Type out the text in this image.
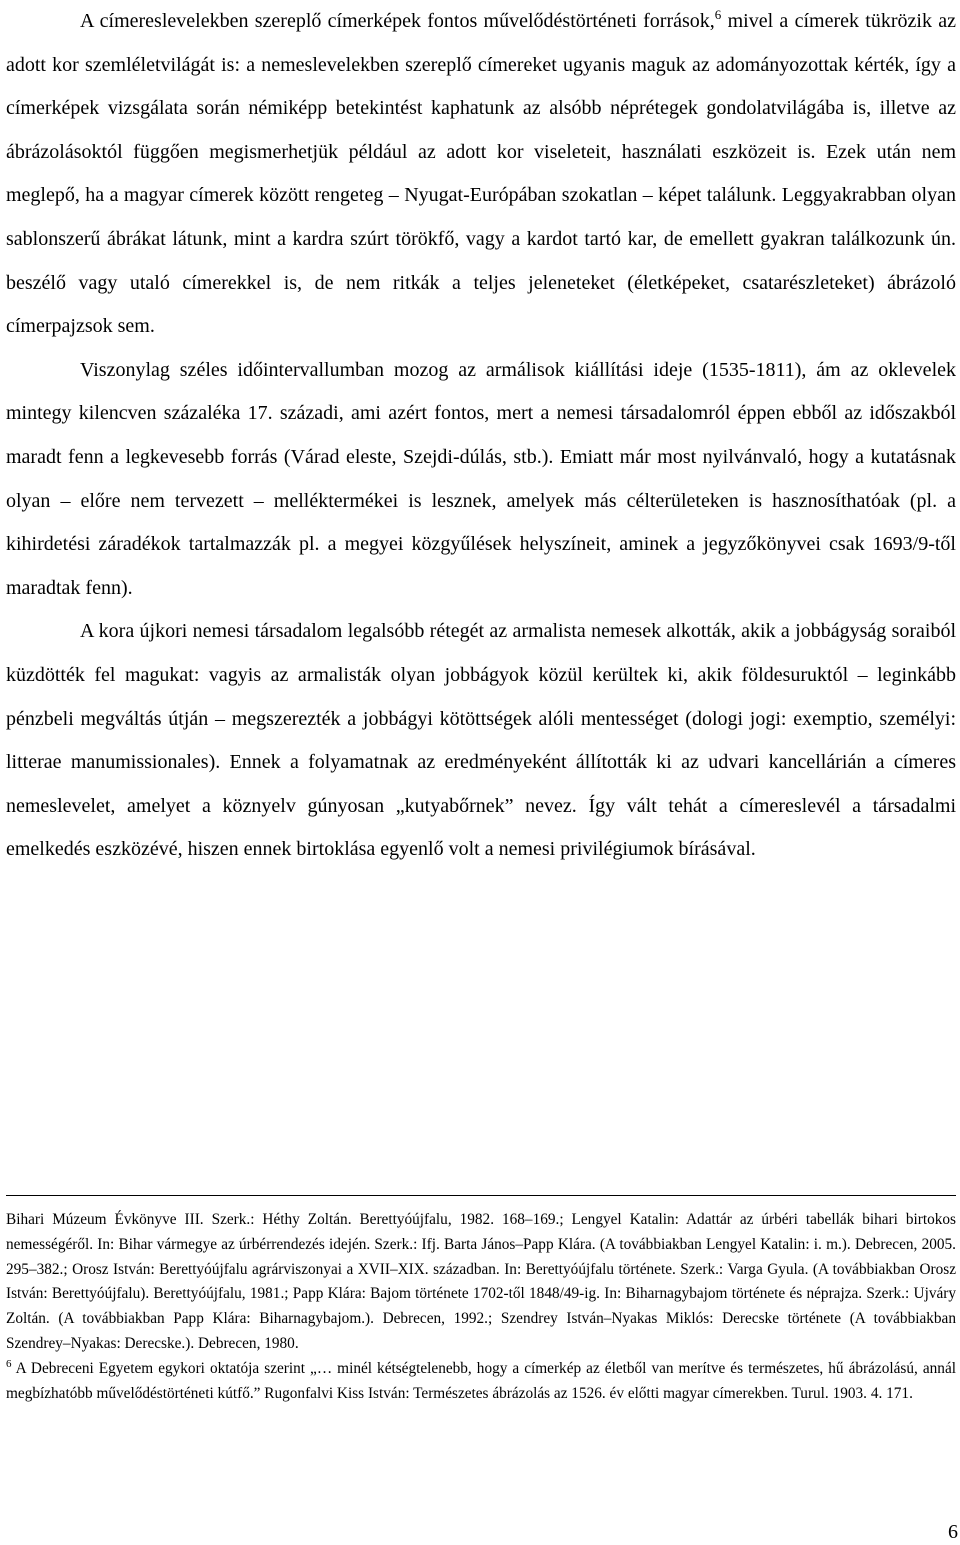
A címereslevelekben szereplő címerképek fontos művelődéstörténeti források,$^6$ mivel a címerek tükrözik az adott kor szemléletvilágát is: a nemeslevelekben szereplő címereket ugyanis maguk az adományozottak kérték, így a címerképek vizsgálata során némiképp betekintést kaphatunk az alsóbb néprétegek gondolatvilágába is, illetve az ábrázolásoktól függően megismerhetjük például az adott kor viseleteit, használati eszközeit is. Ezek után nem meglepő, ha a magyar címerek között rengeteg – Nyugat-Európában szokatlan – képet találunk. Leggyakrabban olyan sablonszerű ábrákat látunk, mint a kardra szúrt törökfő, vagy a kardot tartó kar, de emellett gyakran találkozunk ún. beszélő vagy utaló címerekkel is, de nem ritkák a teljes jeleneteket (életképeket, csatarészleteket) ábrázoló címerpajzsok sem.

Viszonylag széles időintervallumban mozog az armálisok kiállítási ideje (1535-1811), ám az oklevelek mintegy kilencven százaléka 17. századi, ami azért fontos, mert a nemesi társadalomról éppen ebből az időszakból maradt fenn a legkevesebb forrás (Várad eleste, Szejdi-dúlás, stb.). Emiatt már most nyilvánvaló, hogy a kutatásnak olyan – előre nem tervezett – melléktermékei is lesznek, amelyek más célterületeken is hasznosíthatóak (pl. a kihirdetési záradékok tartalmazzák pl. a megyei közgyűlések helyszíneit, aminek a jegyzőkönyvei csak 1693/9-től maradtak fenn).

A kora újkori nemesi társadalom legalsóbb rétegét az armalista nemesek alkották, akik a jobbágyság soraiból küzdötték fel magukat: vagyis az armalisták olyan jobbágyok közül kerültek ki, akik földesuruktól – leginkább pénzbeli megváltás útján – megszerezték a jobbágyi kötöttségek alóli mentességet (dologi jogi: exemptio, személyi: litterae manumissionales). Ennek a folyamatnak az eredményeként állították ki az udvari kancellárián a címeres nemeslevelet, amelyet a köznyelv gúnyosan „kutyabőrnek” nevez. Így vált tehát a címereslevél a társadalmi emelkedés eszközévé, hiszen ennek birtoklása egyenlő volt a nemesi privilégiumok bírásával.

Bihari Múzeum Évkönyve III. Szerk.: Héthy Zoltán. Berettyóújfalu, 1982. 168–169.; Lengyel Katalin: Adattár az úrbéri tabellák bihari birtokos nemességéről. In: Bihar vármegye az úrbérrendezés idején. Szerk.: Ifj. Barta János–Papp Klára. (A továbbiakban Lengyel Katalin: i. m.). Debrecen, 2005. 295–382.; Orosz István: Berettyóújfalu agrárviszonyai a XVII–XIX. században. In: Berettyóújfalu története. Szerk.: Varga Gyula. (A továbbiakban Orosz István: Berettyóújfalu). Berettyóújfalu, 1981.; Papp Klára: Bajom története 1702-től 1848/49-ig. In: Biharnagybajom története és néprajza. Szerk.: Ujváry Zoltán. (A továbbiakban Papp Klára: Biharnagybajom.). Debrecen, 1992.; Szendrey István–Nyakas Miklós: Derecske története (A továbbiakban Szendrey–Nyakas: Derecske.). Debrecen, 1980.

$^6$ A Debreceni Egyetem egykori oktatója szerint „… minél kétségtelenebb, hogy a címerkép az életből van merítve és természetes, hű ábrázolású, annál megbízhatóbb művelődéstörténeti kútfő.” Rugonfalvi Kiss István: Természetes ábrázolás az 1526. év előtti magyar címerekben. Turul. 1903. 4. 171.

6
